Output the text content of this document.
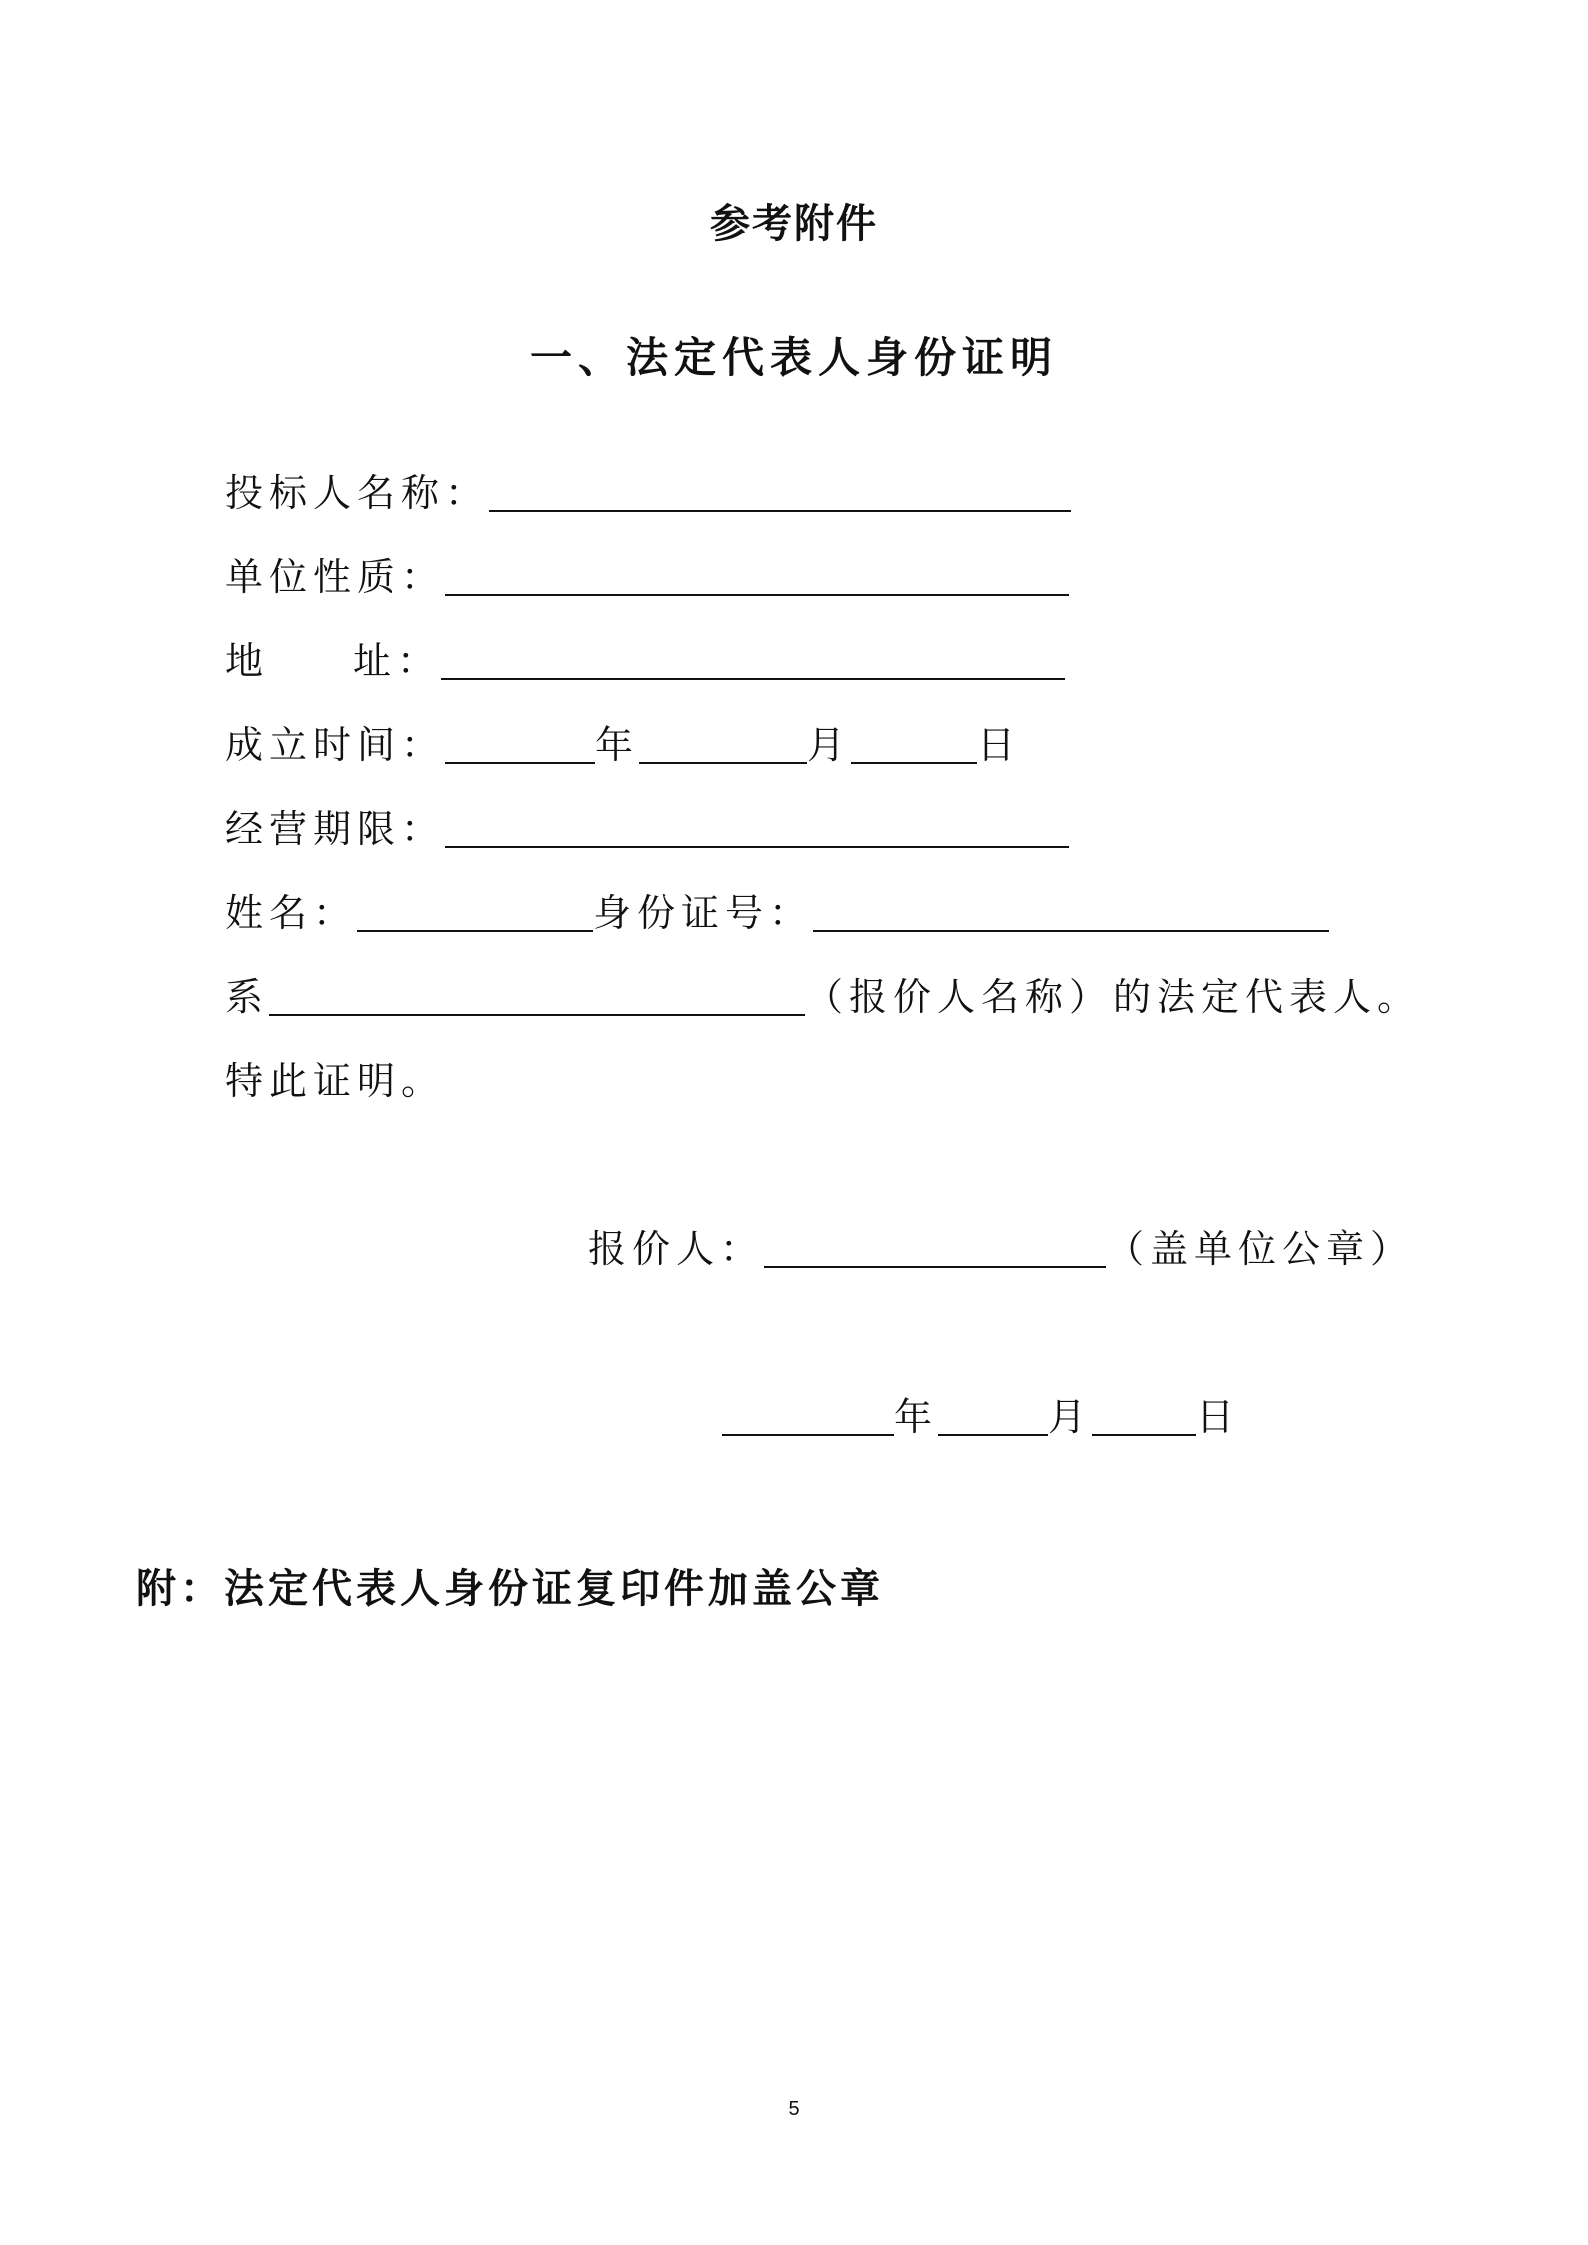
参考附件
一、法定代表人身份证明
投标人名称：
单位性质：
地 址：
成立时间：	年	月	日
经营期限：
姓名：	身份证号：
系	（报价人名称）的法定代表人。
特此证明。
报价人：	（盖单位公章）
年	月	日
附：法定代表人身份证复印件加盖公章
5
